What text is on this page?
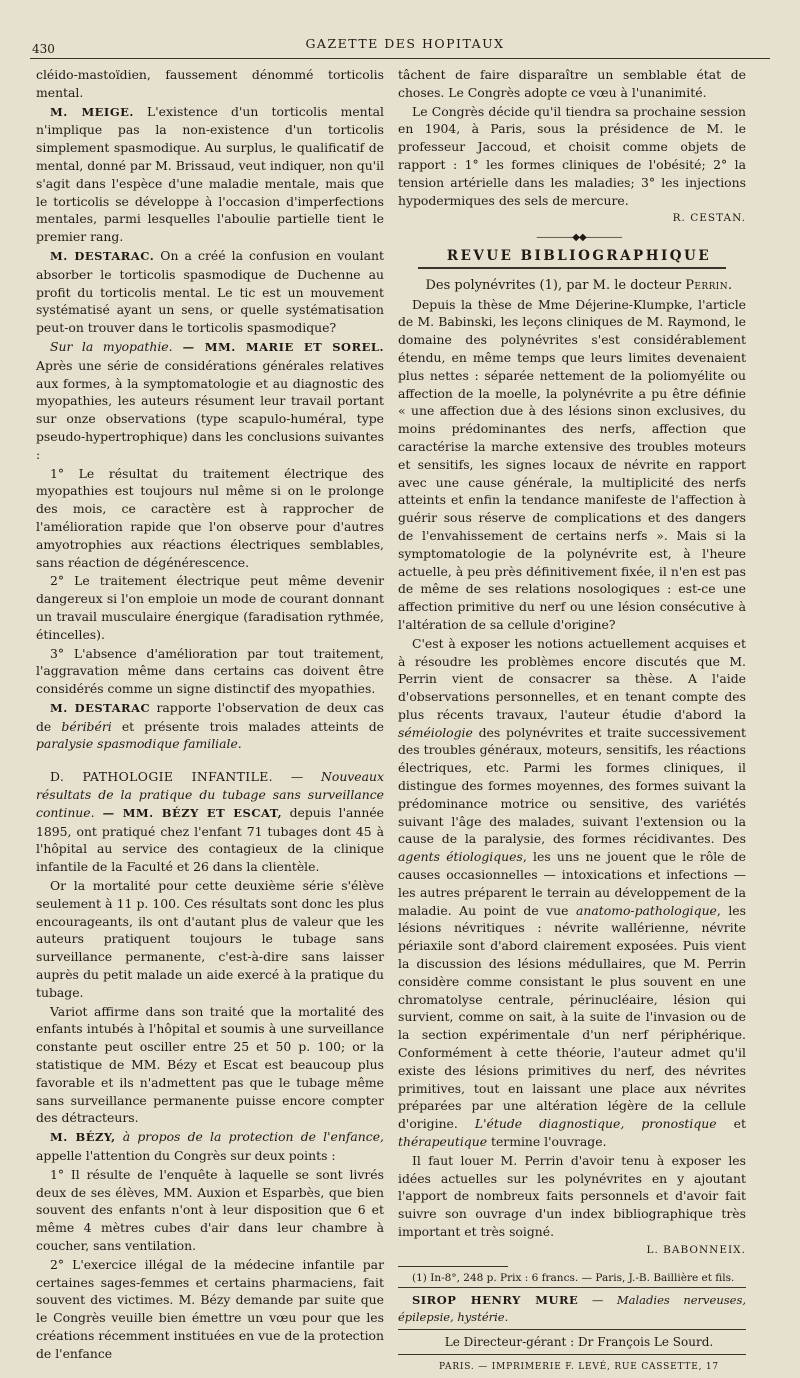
430	GAZETTE DES HOPITAUX

cléido-mastoïdien, faussement dénommé torticolis mental.

M. MEIGE. L'existence d'un torticolis mental n'implique pas la non-existence d'un torticolis simplement spasmodique. Au surplus, le qualificatif de mental, donné par M. Brissaud, veut indiquer, non qu'il s'agit dans l'espèce d'une maladie mentale, mais que le torticolis se développe à l'occasion d'imperfections mentales, parmi lesquelles l'aboulie partielle tient le premier rang.

M. DESTARAC. On a créé la confusion en voulant absorber le torticolis spasmodique de Duchenne au profit du torticolis mental. Le tic est un mouvement systématisé ayant un sens, or quelle systématisation peut-on trouver dans le torticolis spasmodique?

Sur la myopathie. — MM. MARIE ET SOREL. Après une série de considérations générales relatives aux formes, à la symptomatologie et au diagnostic des myopathies, les auteurs résument leur travail portant sur onze observations (type scapulo-huméral, type pseudo-hypertrophique) dans les conclusions suivantes :

1° Le résultat du traitement électrique des myopathies est toujours nul même si on le prolonge des mois, ce caractère est à rapprocher de l'amélioration rapide que l'on observe pour d'autres amyotrophies aux réactions électriques semblables, sans réaction de dégénérescence.

2° Le traitement électrique peut même devenir dangereux si l'on emploie un mode de courant donnant un travail musculaire énergique (faradisation rythmée, étincelles).

3° L'absence d'amélioration par tout traitement, l'aggravation même dans certains cas doivent être considérés comme un signe distinctif des myopathies.

M. DESTARAC rapporte l'observation de deux cas de béribéri et présente trois malades atteints de paralysie spasmodique familiale.

D. PATHOLOGIE INFANTILE. — Nouveaux résultats de la pratique du tubage sans surveillance continue. — MM. BÉZY ET ESCAT, depuis l'année 1895, ont pratiqué chez l'enfant 71 tubages dont 45 à l'hôpital au service des contagieux de la clinique infantile de la Faculté et 26 dans la clientèle.

Or la mortalité pour cette deuxième série s'élève seulement à 11 p. 100. Ces résultats sont donc les plus encourageants, ils ont d'autant plus de valeur que les auteurs pratiquent toujours le tubage sans surveillance permanente, c'est-à-dire sans laisser auprès du petit malade un aide exercé à la pratique du tubage.

Variot affirme dans son traité que la mortalité des enfants intubés à l'hôpital et soumis à une surveillance constante peut osciller entre 25 et 50 p. 100; or la statistique de MM. Bézy et Escat est beaucoup plus favorable et ils n'admettent pas que le tubage même sans surveillance permanente puisse encore compter des détracteurs.

M. BÉZY, à propos de la protection de l'enfance, appelle l'attention du Congrès sur deux points :

1° Il résulte de l'enquête à laquelle se sont livrés deux de ses élèves, MM. Auxion et Esparbès, que bien souvent des enfants n'ont à leur disposition que 6 et même 4 mètres cubes d'air dans leur chambre à coucher, sans ventilation.

2° L'exercice illégal de la médecine infantile par certaines sages-femmes et certains pharmaciens, fait souvent des victimes. M. Bézy demande par suite que le Congrès veuille bien émettre un vœu pour que les créations récemment instituées en vue de la protection de l'enfance

tâchent de faire disparaître un semblable état de choses. Le Congrès adopte ce vœu à l'unanimité.

Le Congrès décide qu'il tiendra sa prochaine session en 1904, à Paris, sous la présidence de M. le professeur Jaccoud, et choisit comme objets de rapport : 1° les formes cliniques de l'obésité; 2° la tension artérielle dans les maladies; 3° les injections hypodermiques des sels de mercure.

R. CESTAN.

————◆◆————

REVUE BIBLIOGRAPHIQUE

Des polynévrites (1), par M. le docteur Perrin.

Depuis la thèse de Mme Déjerine-Klumpke, l'article de M. Babinski, les leçons cliniques de M. Raymond, le domaine des polynévrites s'est considérablement étendu, en même temps que leurs limites devenaient plus nettes : séparée nettement de la poliomyélite ou affection de la moelle, la polynévrite a pu être définie « une affection due à des lésions sinon exclusives, du moins prédominantes des nerfs, affection que caractérise la marche extensive des troubles moteurs et sensitifs, les signes locaux de névrite en rapport avec une cause générale, la multiplicité des nerfs atteints et enfin la tendance manifeste de l'affection à guérir sous réserve de complications et des dangers de l'envahissement de certains nerfs ». Mais si la symptomatologie de la polynévrite est, à l'heure actuelle, à peu près définitivement fixée, il n'en est pas de même de ses relations nosologiques : est-ce une affection primitive du nerf ou une lésion consécutive à l'altération de sa cellule d'origine?

C'est à exposer les notions actuellement acquises et à résoudre les problèmes encore discutés que M. Perrin vient de consacrer sa thèse. A l'aide d'observations personnelles, et en tenant compte des plus récents travaux, l'auteur étudie d'abord la séméiologie des polynévrites et traite successivement des troubles généraux, moteurs, sensitifs, les réactions électriques, etc. Parmi les formes cliniques, il distingue des formes moyennes, des formes suivant la prédominance motrice ou sensitive, des variétés suivant l'âge des malades, suivant l'extension ou la cause de la paralysie, des formes récidivantes. Des agents étiologiques, les uns ne jouent que le rôle de causes occasionnelles — intoxications et infections — les autres préparent le terrain au développement de la maladie. Au point de vue anatomo-pathologique, les lésions névritiques : névrite wallérienne, névrite périaxile sont d'abord clairement exposées. Puis vient la discussion des lésions médullaires, que M. Perrin considère comme consistant le plus souvent en une chromatolyse centrale, périnucléaire, lésion qui survient, comme on sait, à la suite de l'invasion ou de la section expérimentale d'un nerf périphérique. Conformément à cette théorie, l'auteur admet qu'il existe des lésions primitives du nerf, des névrites primitives, tout en laissant une place aux névrites préparées par une altération légère de la cellule d'origine. L'étude diagnostique, pronostique et thérapeutique termine l'ouvrage.

Il faut louer M. Perrin d'avoir tenu à exposer les idées actuelles sur les polynévrites en y ajoutant l'apport de nombreux faits personnels et d'avoir fait suivre son ouvrage d'un index bibliographique très important et très soigné.

L. BABONNEIX.

(1) In-8°, 248 p. Prix : 6 francs. — Paris, J.-B. Baillière et fils.

SIROP HENRY MURE — Maladies nerveuses, épilepsie, hystérie.

Le Directeur-gérant : Dr François Le Sourd.

PARIS. — IMPRIMERIE F. LEVÉ, RUE CASSETTE, 17
